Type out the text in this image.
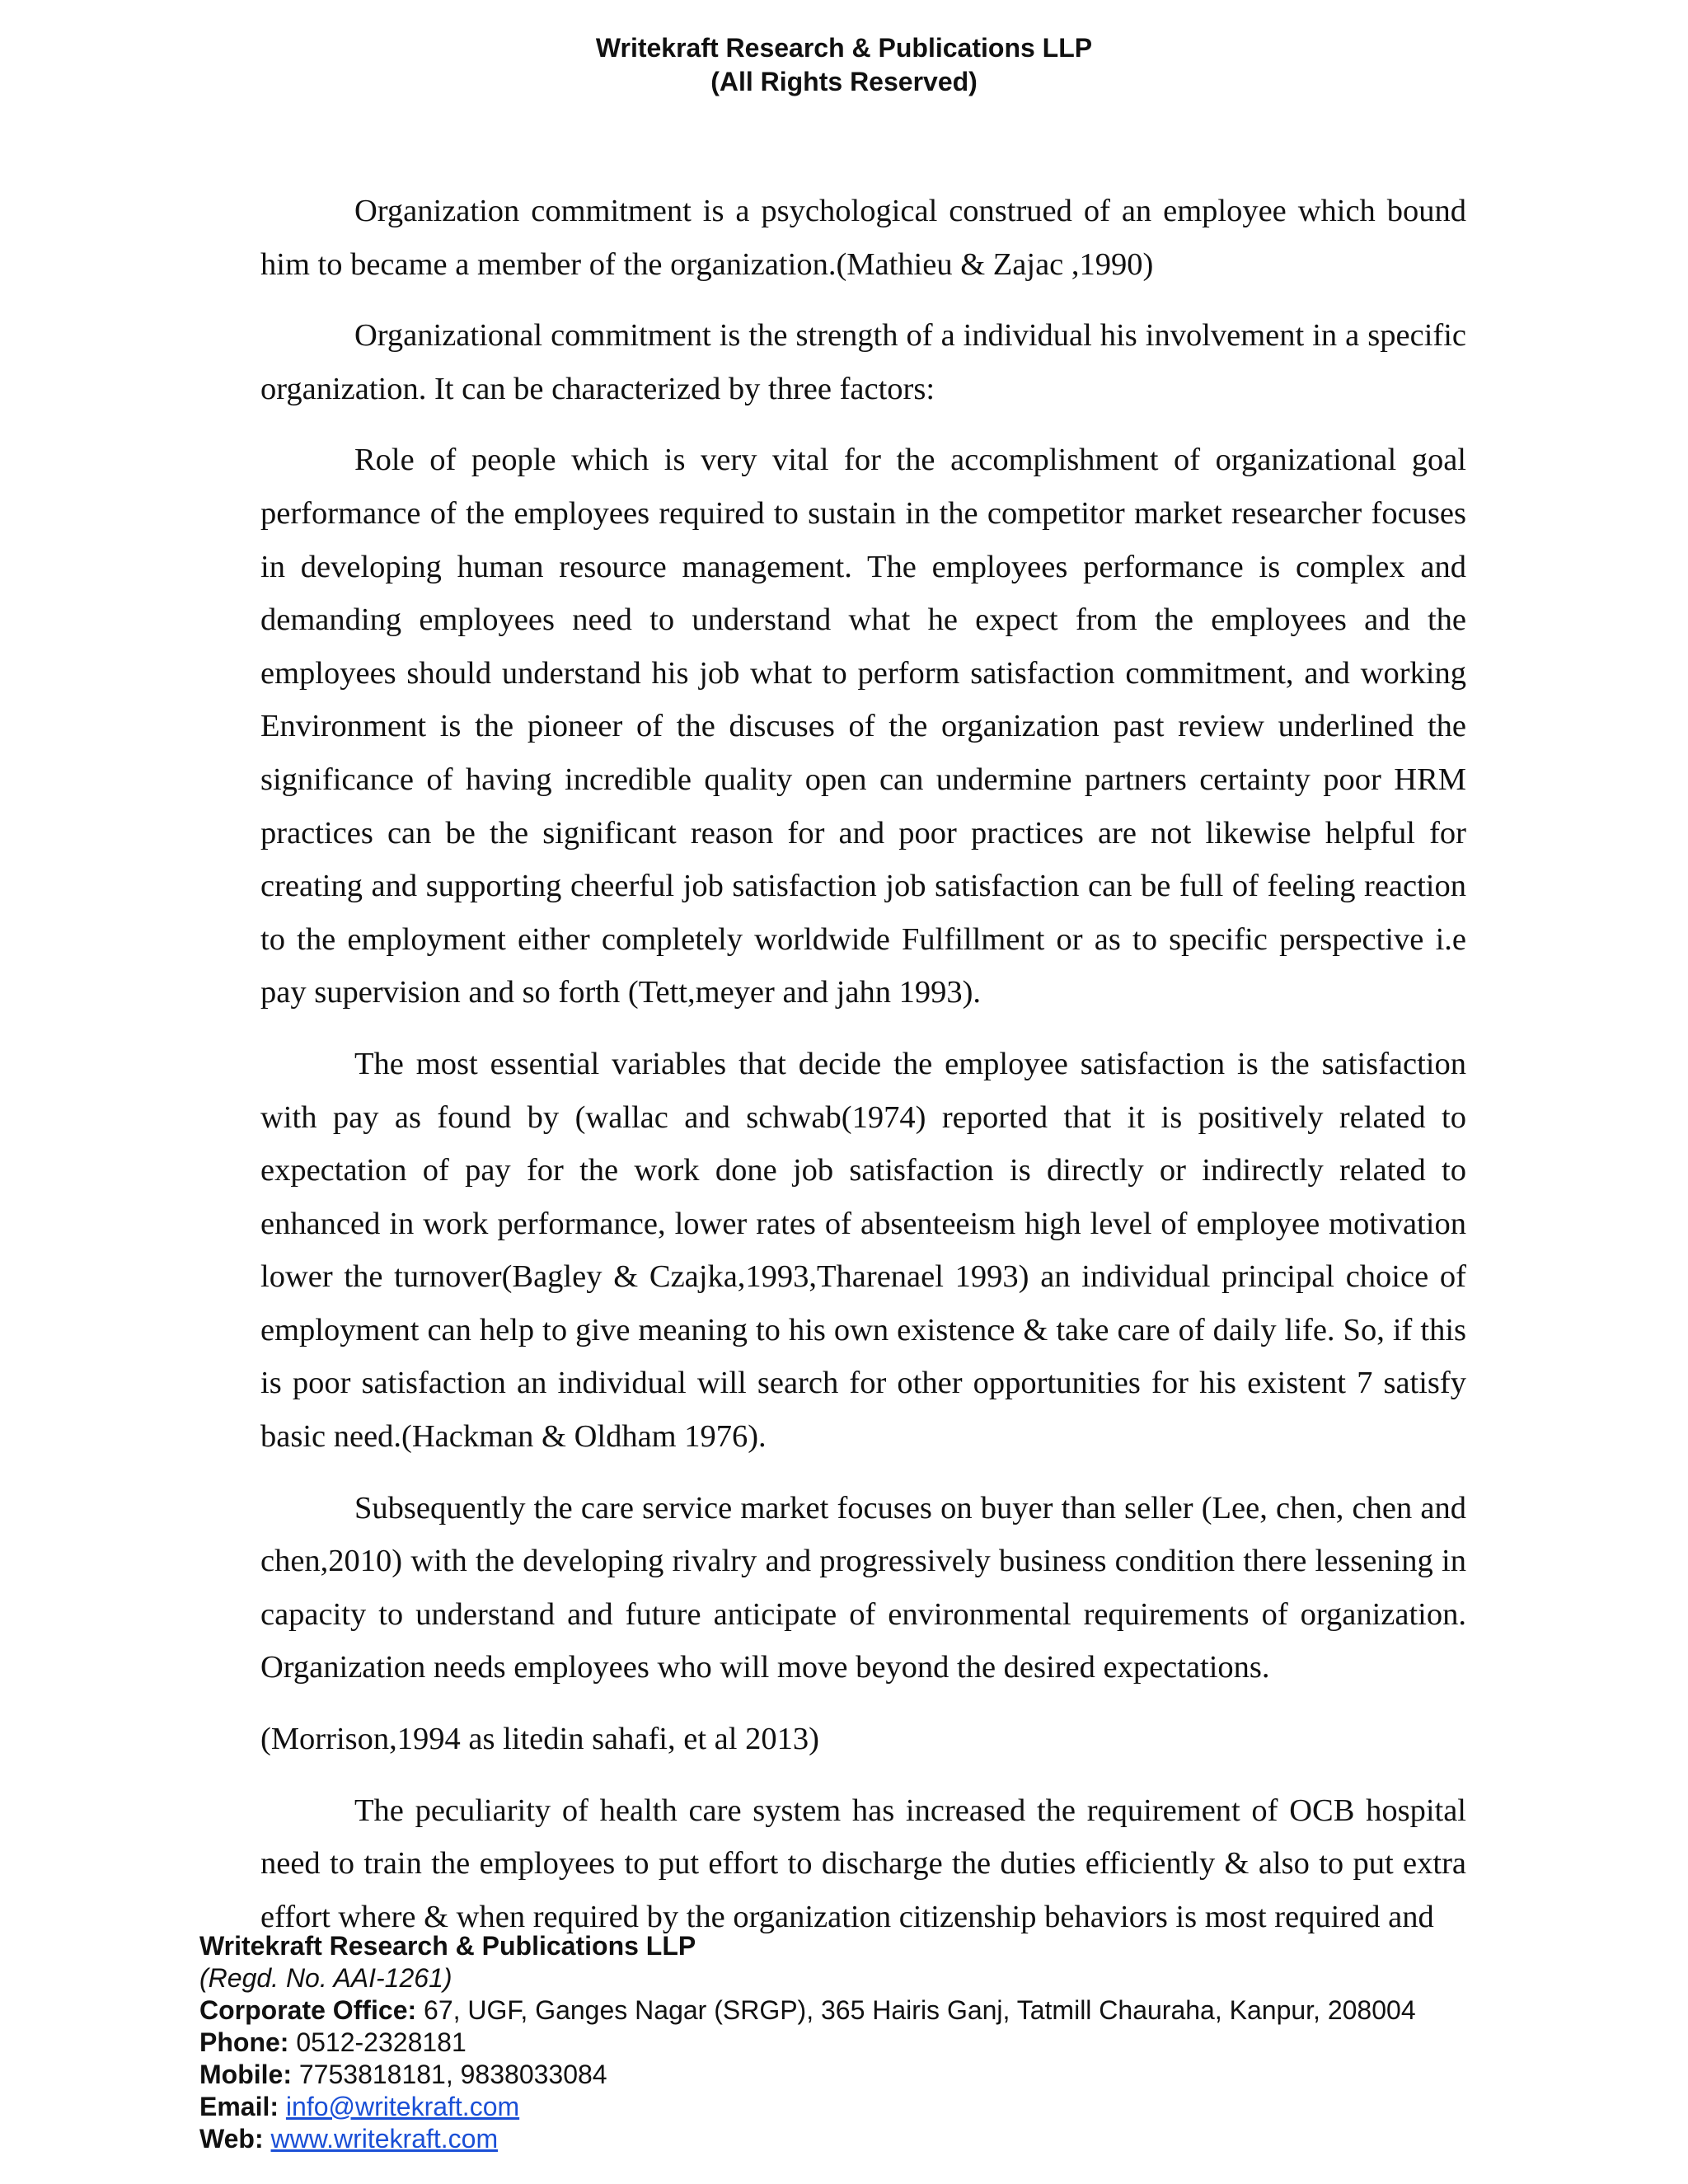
Writekraft Research & Publications LLP
(All Rights Reserved)

Organization commitment is a psychological construed of an employee which bound him to became a member of the organization.(Mathieu & Zajac ,1990)

Organizational commitment is the strength of a individual his involvement in a specific organization. It can be characterized by three factors:

Role of people which is very vital for the accomplishment of organizational goal performance of the employees required to sustain in the competitor market researcher focuses in developing human resource management. The employees performance is complex and demanding employees need to understand what he expect from the employees and the employees should understand his job what to perform satisfaction commitment, and working Environment is the pioneer of the discuses of the organization past review underlined the significance of having incredible quality open can undermine partners certainty poor HRM practices can be the significant reason for and poor practices are not likewise helpful for creating and supporting cheerful job satisfaction job satisfaction can be full of feeling reaction to the employment either completely worldwide Fulfillment or as to specific perspective i.e pay supervision and so forth (Tett,meyer and jahn 1993).

The most essential variables that decide the employee satisfaction is the satisfaction with pay as found by (wallac and schwab(1974) reported that it is positively related to expectation of pay for the work done job satisfaction is directly or indirectly related to enhanced in work performance, lower rates of absenteeism high level of employee motivation lower the turnover(Bagley & Czajka,1993,Tharenael 1993) an individual principal choice of employment can help to give meaning to his own existence & take care of daily life. So, if this is poor satisfaction an individual will search for other opportunities for his existent 7 satisfy basic need.(Hackman & Oldham 1976).

Subsequently the care service market focuses on buyer than seller (Lee, chen, chen and chen,2010) with the developing rivalry and progressively business condition there lessening in capacity to understand and future anticipate of environmental requirements of organization. Organization needs employees who will move beyond the desired expectations.

(Morrison,1994 as litedin sahafi, et al 2013)

The peculiarity of health care system has increased the requirement of OCB hospital need to train the employees to put effort to discharge the duties efficiently & also to put extra effort where & when required by the organization citizenship behaviors is most required and

Writekraft Research & Publications LLP
(Regd. No. AAI-1261)
Corporate Office: 67, UGF, Ganges Nagar (SRGP), 365 Hairis Ganj, Tatmill Chauraha, Kanpur, 208004
Phone: 0512-2328181
Mobile: 7753818181, 9838033084
Email: info@writekraft.com
Web: www.writekraft.com
